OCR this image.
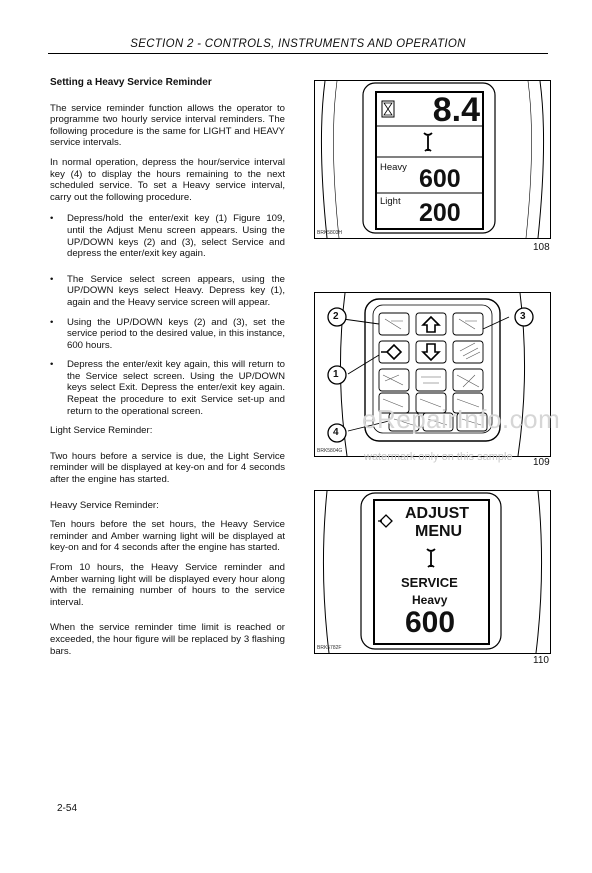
SECTION 2 - CONTROLS, INSTRUMENTS AND OPERATION
Setting a Heavy Service Reminder

The service reminder function allows the operator to programme two hourly service interval reminders. The following procedure is the same for LIGHT and HEAVY service intervals.

In normal operation, depress the hour/service interval key (4) to display the hours remaining to the next scheduled service. To set a Heavy service interval, carry out the following procedure.

• Depress/hold the enter/exit key (1) Figure 109, until the Adjust Menu screen appears. Using the UP/DOWN keys (2) and (3), select Service and depress the enter/exit key again.
• The Service select screen appears, using the UP/DOWN keys select Heavy. Depress key (1), again and the Heavy service screen will appear.
• Using the UP/DOWN keys (2) and (3), set the service period to the desired value, in this instance, 600 hours.
• Depress the enter/exit key again, this will return to the Service select screen. Using the UP/DOWN keys select Exit. Depress the enter/exit key again. Repeat the procedure to exit Service set-up and return to the operational screen.

Light Service Reminder:

Two hours before a service is due, the Light Service reminder will be displayed at key-on and for 4 seconds after the engine has started.

Heavy Service Reminder:

Ten hours before the set hours, the Heavy Service reminder and Amber warning light will be displayed at key-on and for 4 seconds after the engine has started.

From 10 hours, the Heavy Service reminder and Amber warning light will be displayed every hour along with the remaining number of hours to the service interval.

When the service reminder time limit is reached or exceeded, the hour figure will be replaced by 3 flashing bars.

8.4
Heavy 600
Light 200
BRK5803H
108
2	3
1
4
BRK5804G
109
ADJUST
MENU
SERVICE
Heavy
600
BRK5782F
110
eRepairInfo.com
watermark only on this sample
2-54
